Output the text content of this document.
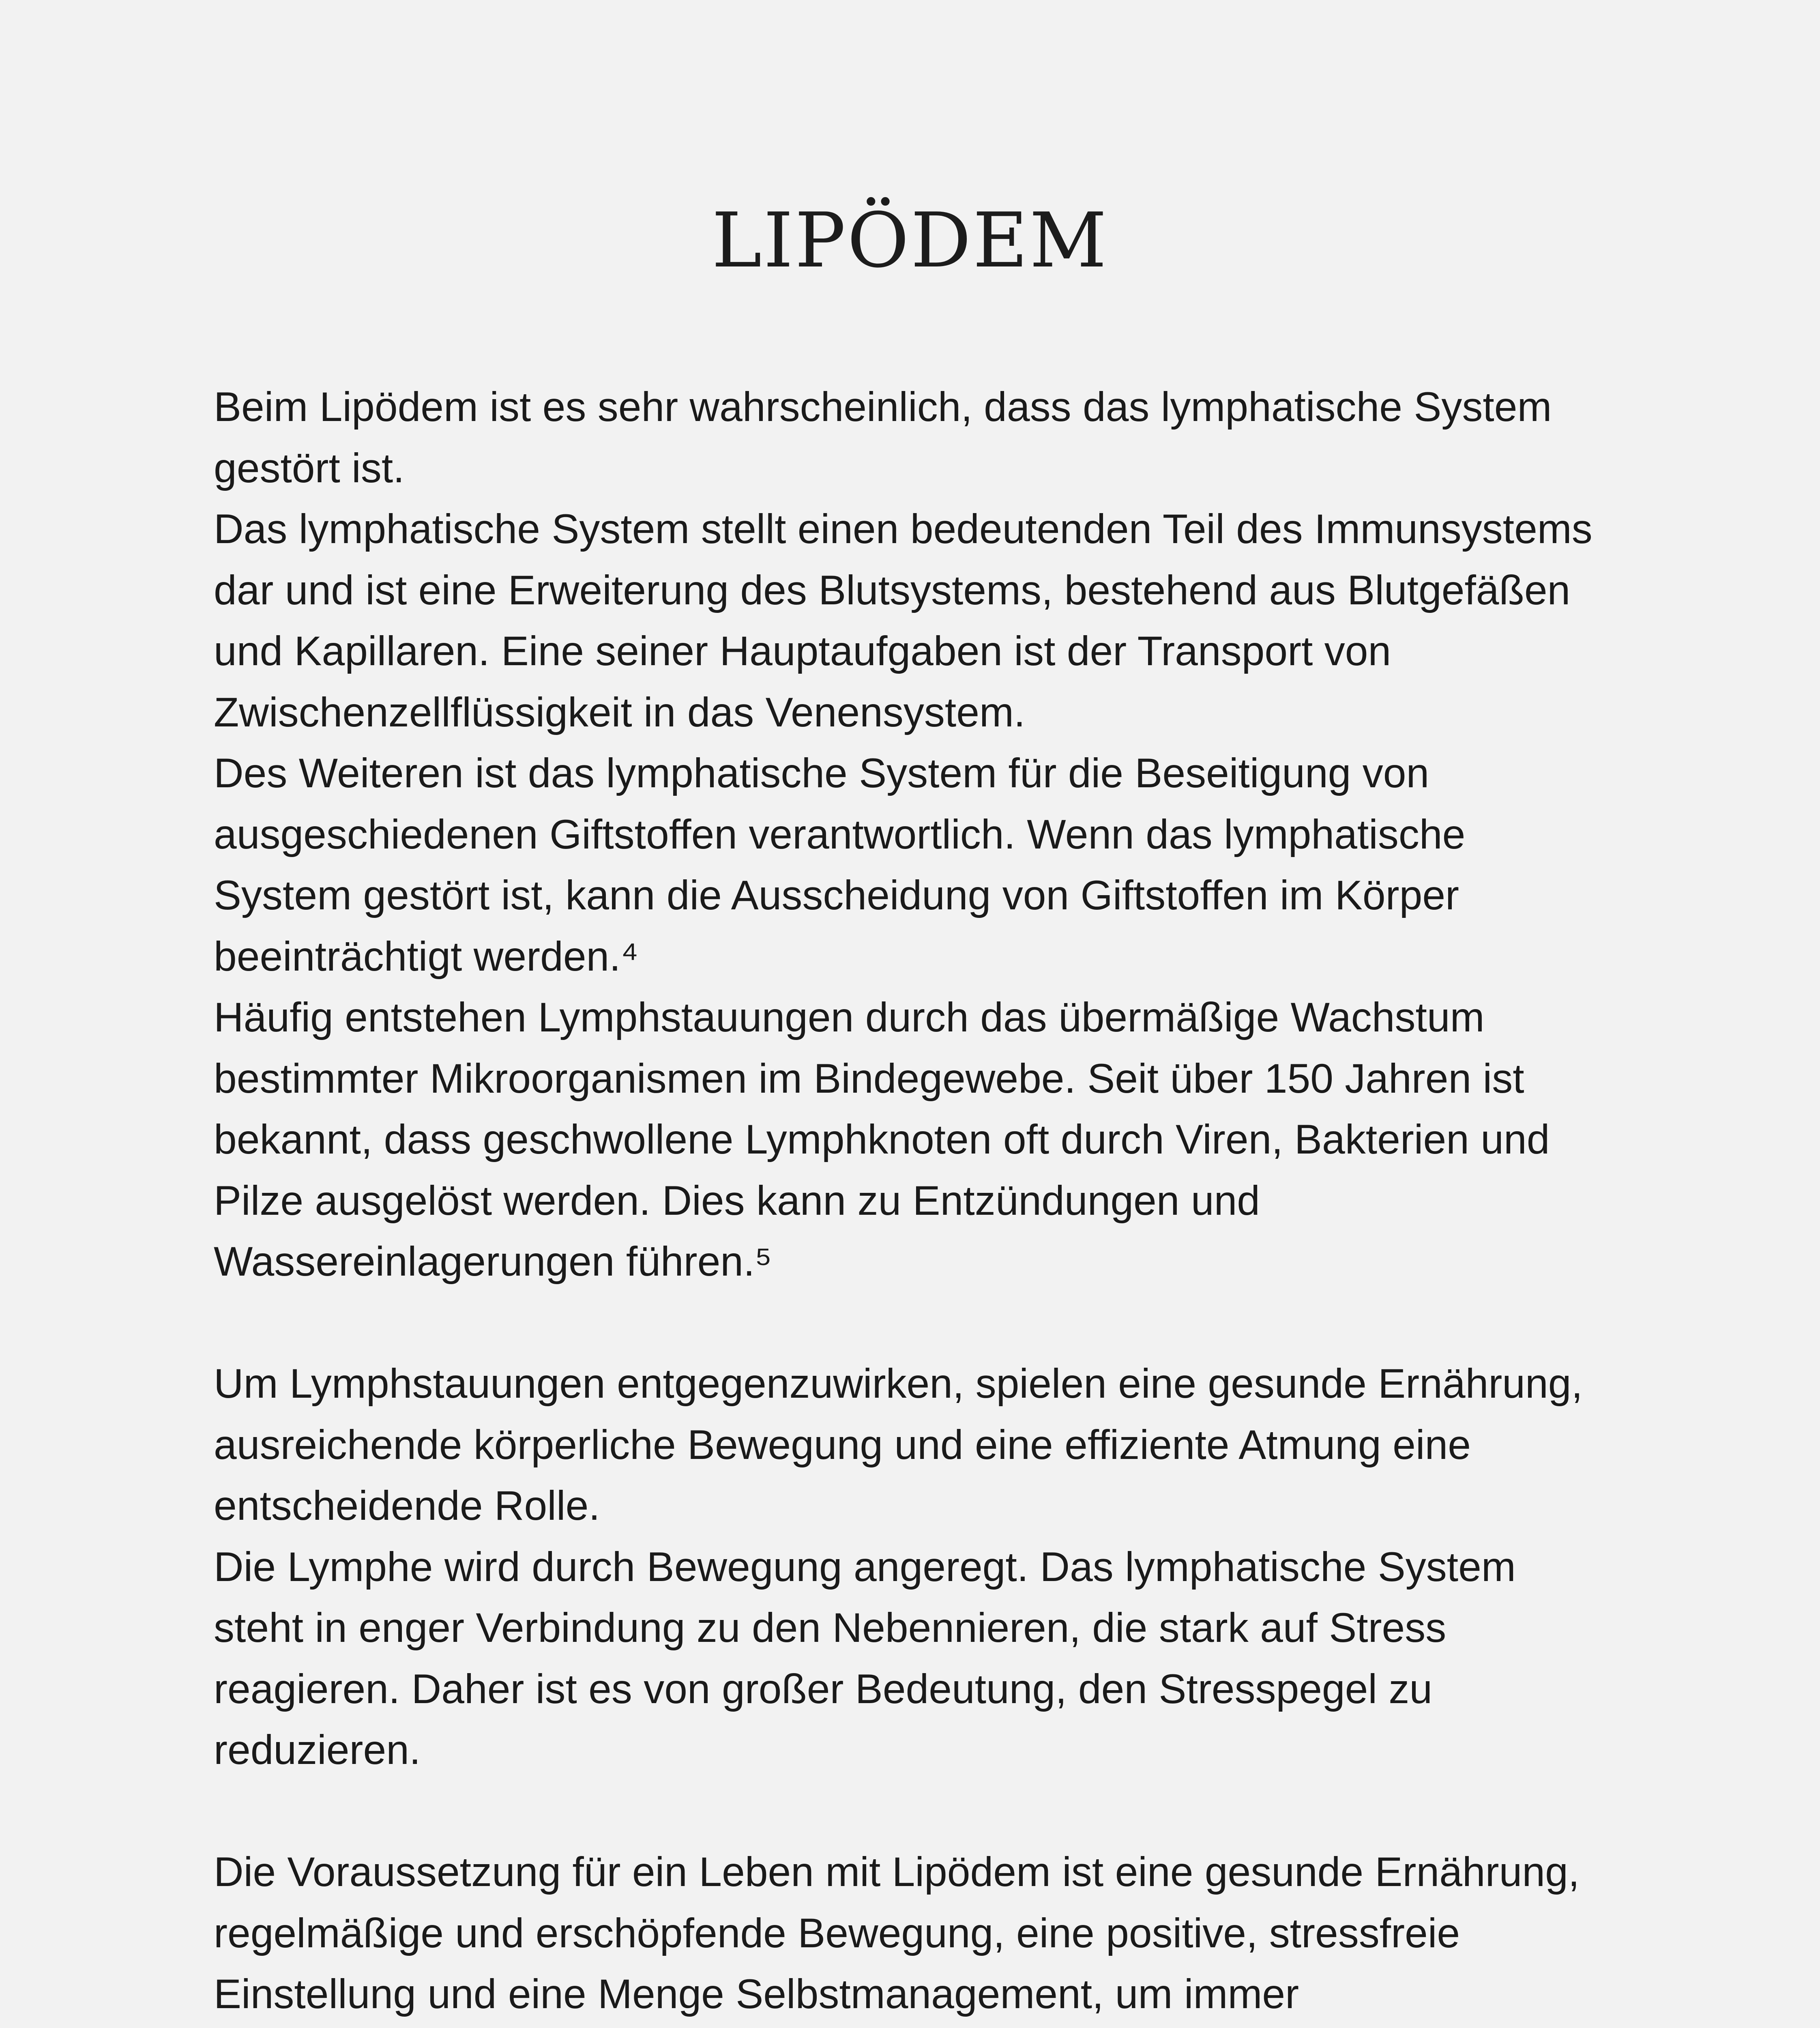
LIPÖDEM

Beim Lipödem ist es sehr wahrscheinlich, dass das lymphatische System
gestört ist.
Das lymphatische System stellt einen bedeutenden Teil des Immunsystems
dar und ist eine Erweiterung des Blutsystems, bestehend aus Blutgefäßen
und Kapillaren. Eine seiner Hauptaufgaben ist der Transport von
Zwischenzellflüssigkeit in das Venensystem.
Des Weiteren ist das lymphatische System für die Beseitigung von
ausgeschiedenen Giftstoffen verantwortlich. Wenn das lymphatische
System gestört ist, kann die Ausscheidung von Giftstoffen im Körper
beeinträchtigt werden.⁴
Häufig entstehen Lymphstauungen durch das übermäßige Wachstum
bestimmter Mikroorganismen im Bindegewebe. Seit über 150 Jahren ist
bekannt, dass geschwollene Lymphknoten oft durch Viren, Bakterien und
Pilze ausgelöst werden. Dies kann zu Entzündungen und
Wassereinlagerungen führen.⁵

Um Lymphstauungen entgegenzuwirken, spielen eine gesunde Ernährung,
ausreichende körperliche Bewegung und eine effiziente Atmung eine
entscheidende Rolle.
Die Lymphe wird durch Bewegung angeregt. Das lymphatische System
steht in enger Verbindung zu den Nebennieren, die stark auf Stress
reagieren. Daher ist es von großer Bedeutung, den Stresspegel zu
reduzieren.

Die Voraussetzung für ein Leben mit Lipödem ist eine gesunde Ernährung,
regelmäßige und erschöpfende Bewegung, eine positive, stressfreie
Einstellung und eine Menge Selbstmanagement, um immer
